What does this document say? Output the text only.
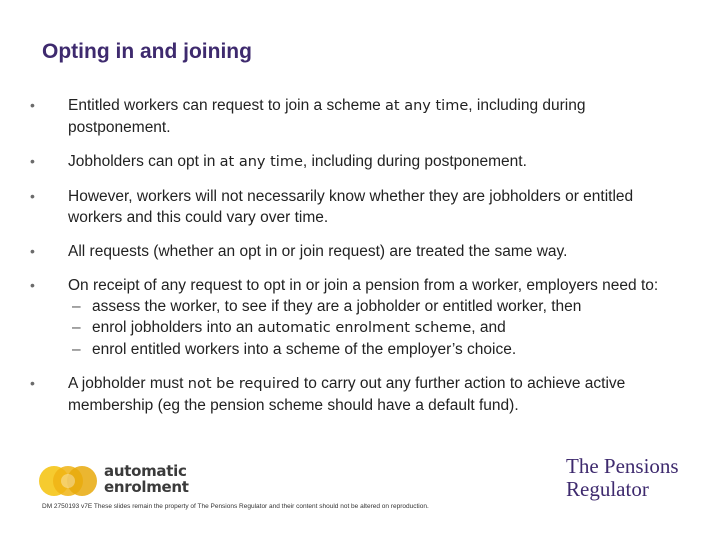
Opting in and joining
•	Entitled workers can request to join a scheme at any time, including during postponement.
•	Jobholders can opt in at any time, including during postponement.
•	However, workers will not necessarily know whether they are jobholders or entitled workers and this could vary over time.
•	All requests (whether an opt in or join request) are treated the same way.
•	On receipt of any request to opt in or join a pension from a worker, employers need to:
– assess the worker, to see if they are a jobholder or entitled worker, then
– enrol jobholders into an automatic enrolment scheme, and
– enrol entitled workers into a scheme of the employer’s choice.
•	A jobholder must not be required to carry out any further action to achieve active membership (eg the pension scheme should have a default fund).
automatic
enrolment
DM 2750193 v7E These slides remain the property of The Pensions Regulator and their content should not be altered on reproduction.
The Pensions
Regulator
